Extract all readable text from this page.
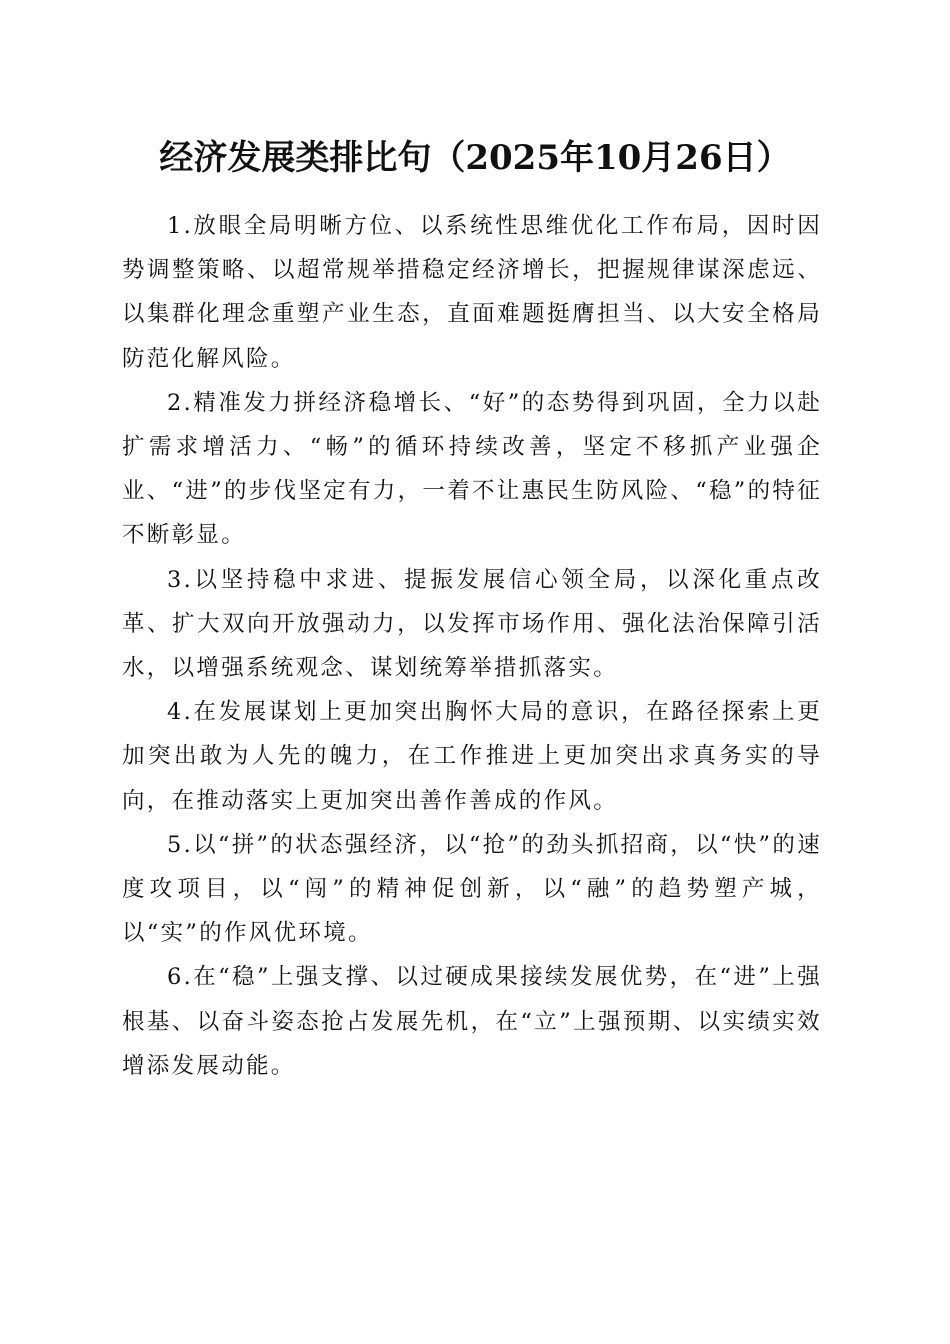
经济发展类排比句（2025年10月26日）

1.放眼全局明晰方位、以系统性思维优化工作布局，因时因势调整策略、以超常规举措稳定经济增长，把握规律谋深虑远、以集群化理念重塑产业生态，直面难题挺膺担当、以大安全格局防范化解风险。

2.精准发力拼经济稳增长、“好”的态势得到巩固，全力以赴扩需求增活力、“畅”的循环持续改善，坚定不移抓产业强企业、“进”的步伐坚定有力，一着不让惠民生防风险、“稳”的特征不断彰显。

3.以坚持稳中求进、提振发展信心领全局，以深化重点改革、扩大双向开放强动力，以发挥市场作用、强化法治保障引活水，以增强系统观念、谋划统筹举措抓落实。

4.在发展谋划上更加突出胸怀大局的意识，在路径探索上更加突出敢为人先的魄力，在工作推进上更加突出求真务实的导向，在推动落实上更加突出善作善成的作风。

5.以“拼”的状态强经济，以“抢”的劲头抓招商，以“快”的速度攻项目，以“闯”的精神促创新，以“融”的趋势塑产城，以“实”的作风优环境。

6.在“稳”上强支撑、以过硬成果接续发展优势，在“进”上强根基、以奋斗姿态抢占发展先机，在“立”上强预期、以实绩实效增添发展动能。
